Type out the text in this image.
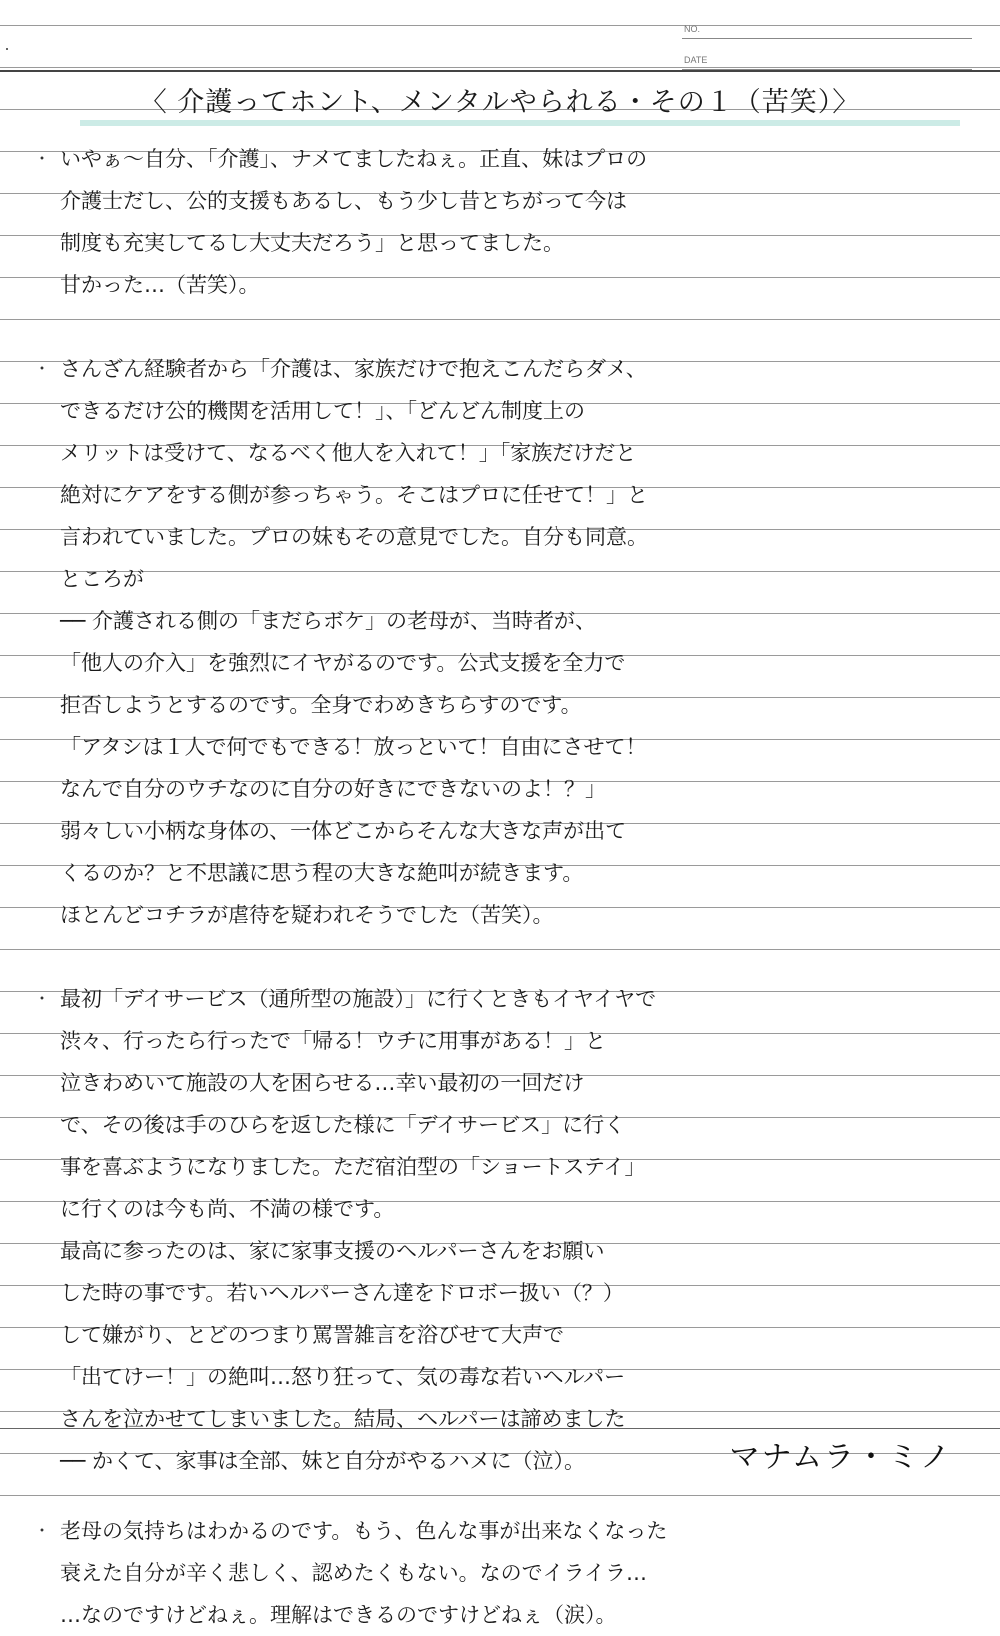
NO.
DATE
〈 介護ってホント、メンタルやられる・その１（苦笑）〉
・ いやぁ〜自分、「介護」、ナメてましたねぇ。正直、妹はプロの
介護士だし、公的支援もあるし、もう少し昔とちがって今は
制度も充実してるし大丈夫だろう」と思ってました。
甘かった…（苦笑）。
・ さんざん経験者から「介護は、家族だけで抱えこんだらダメ、
できるだけ公的機関を活用して！」、「どんどん制度上の
メリットは受けて、なるべく他人を入れて！」「家族だけだと
絶対にケアをする側が参っちゃう。そこはプロに任せて！」と
言われていました。プロの妹もその意見でした。自分も同意。
ところが
── 介護される側の「まだらボケ」の老母が、当時者が、
「他人の介入」を強烈にイヤがるのです。公式支援を全力で
拒否しようとするのです。全身でわめきちらすのです。
「アタシは１人で何でもできる！放っといて！自由にさせて！
なんで自分のウチなのに自分の好きにできないのよ！？」
弱々しい小柄な身体の、一体どこからそんな大きな声が出て
くるのか？と不思議に思う程の大きな絶叫が続きます。
ほとんどコチラが虐待を疑われそうでした（苦笑）。
・ 最初「デイサービス（通所型の施設）」に行くときもイヤイヤで
渋々、行ったら行ったで「帰る！ウチに用事がある！」と
泣きわめいて施設の人を困らせる…幸い最初の一回だけ
で、その後は手のひらを返した様に「デイサービス」に行く
事を喜ぶようになりました。ただ宿泊型の「ショートステイ」
に行くのは今も尚、不満の様です。
最高に参ったのは、家に家事支援のヘルパーさんをお願い
した時の事です。若いヘルパーさん達をドロボー扱い（？）
して嫌がり、とどのつまり罵詈雑言を浴びせて大声で
「出てけー！」の絶叫…怒り狂って、気の毒な若いヘルパー
さんを泣かせてしまいました。結局、ヘルパーは諦めました
── かくて、家事は全部、妹と自分がやるハメに（泣）。
・ 老母の気持ちはわかるのです。もう、色んな事が出来なくなった
衰えた自分が辛く悲しく、認めたくもない。なのでイライラ…
…なのですけどねぇ。理解はできるのですけどねぇ（涙）。
マナムラ・ミノ
